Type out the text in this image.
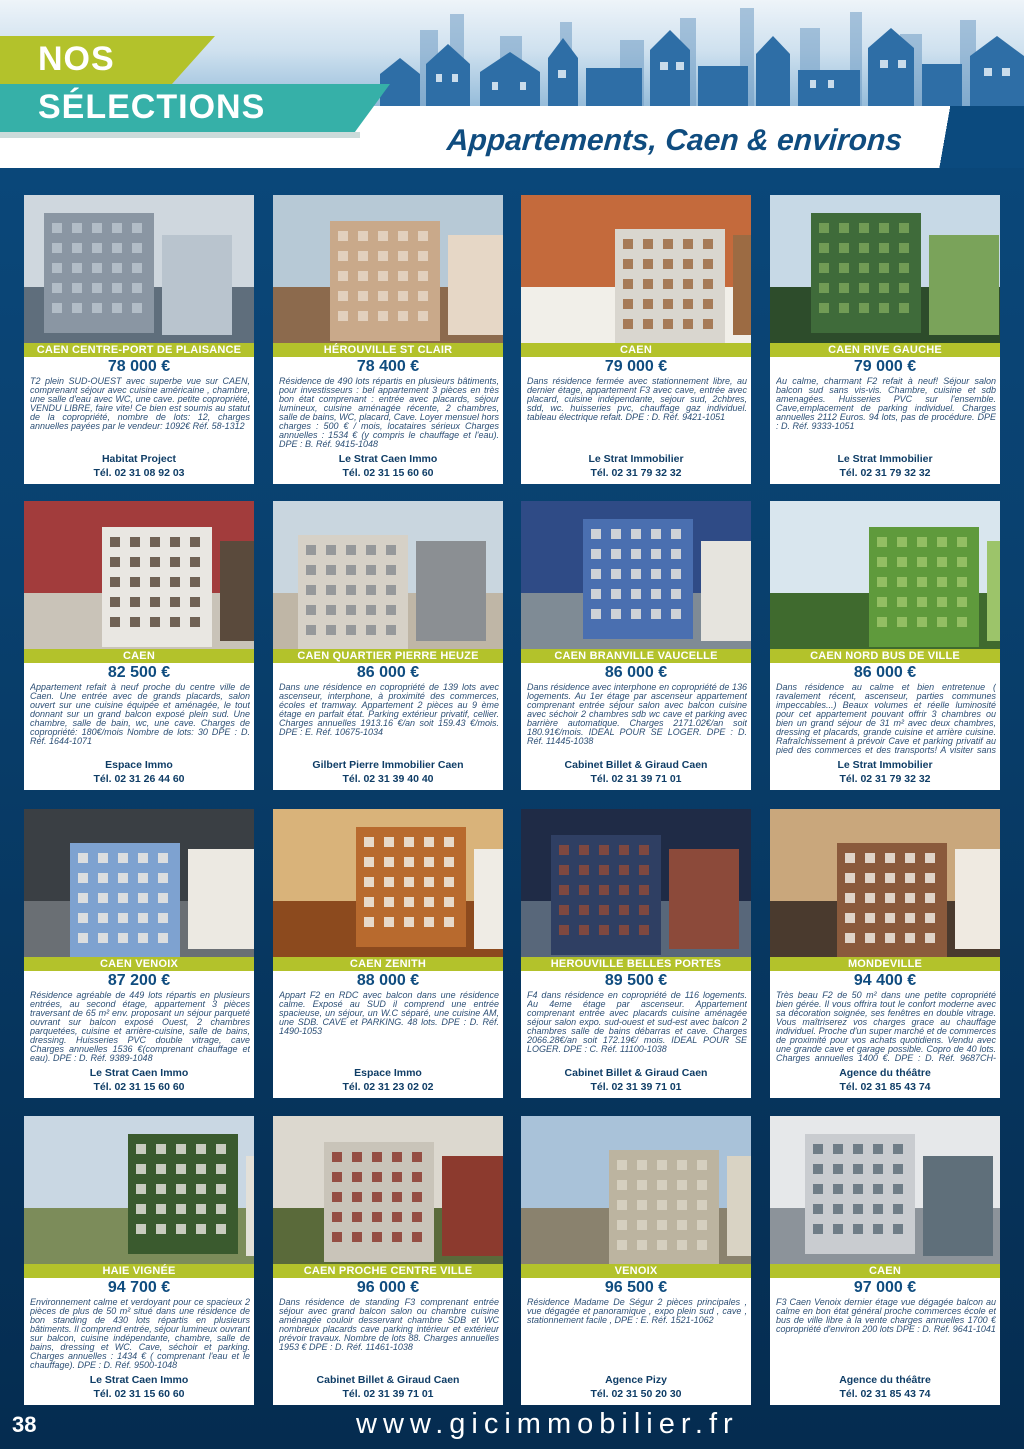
NOS
SÉLECTIONS
Appartements, Caen & environs
CAEN CENTRE-PORT DE PLAISANCE
78 000 €
T2 plein SUD-OUEST avec superbe vue sur CAEN, comprenant séjour avec cuisine américaine , chambre, une salle d'eau avec WC, une cave. petite copropriété, VENDU LIBRE, faire vite! Ce bien est soumis au statut de la copropriété, nombre de lots: 12, charges annuelles payées par le vendeur: 1092€ Réf. 58-1312
Habitat Project
Tél. 02 31 08 92 03
HÉROUVILLE ST CLAIR
78 400 €
Résidence de 490 lots répartis en plusieurs bâtiments, pour investisseurs : bel appartement 3 pièces en très bon état comprenant : entrée avec placards, séjour lumineux, cuisine aménagée récente, 2 chambres, salle de bains, WC, placard, Cave. Loyer mensuel hors charges : 500 € / mois, locataires sérieux Charges annuelles : 1534 € (y compris le chauffage et l'eau). DPE : B. Réf. 9415-1048
Le Strat Caen Immo
Tél. 02 31 15 60 60
CAEN
79 000 €
Dans résidence fermée avec stationnement libre, au dernier étage, appartement F3 avec cave, entrée avec placard, cuisine indépendante, sejour sud, 2chbres, sdd, wc. huisseries pvc, chauffage gaz individuel. tableau électrique refait. DPE : D. Réf. 9421-1051
Le Strat Immobilier
Tél. 02 31 79 32 32
CAEN RIVE GAUCHE
79 000 €
Au calme, charmant F2 refait à neuf! Séjour salon balcon sud sans vis-vis. Chambre, cuisine et sdb amenagées. Huisseries PVC sur l'ensemble. Cave,emplacement de parking individuel. Charges annuelles 2112 Euros. 94 lots, pas de procédure. DPE : D. Réf. 9333-1051
Le Strat Immobilier
Tél. 02 31 79 32 32
CAEN
82 500 €
Appartement refait à neuf proche du centre ville de Caen. Une entrée avec de grands placards, salon ouvert sur une cuisine équipée et aménagée, le tout donnant sur un grand balcon exposé plein sud. Une chambre, salle de bain, wc, une cave. Charges de copropriété: 180€/mois Nombre de lots: 30 DPE : D. Réf. 1644-1071
Espace Immo
Tél. 02 31 26 44 60
CAEN QUARTIER PIERRE HEUZE
86 000 €
Dans une résidence en copropriété de 139 lots avec ascenseur, interphone, à proximité des commerces, écoles et tramway. Appartement 2 pièces au 9 ème étage en parfait état. Parking extérieur privatif, cellier. Charges annuelles 1913.16 €/an soit 159.43 €/mois. DPE : E. Réf. 10675-1034
Gilbert Pierre Immobilier Caen
Tél. 02 31 39 40 40
CAEN BRANVILLE VAUCELLE
86 000 €
Dans résidence avec interphone en copropriété de 136 logements. Au 1er étage par ascenseur appartement comprenant entrée séjour salon avec balcon cuisine avec séchoir 2 chambres sdb wc cave et parking avec barrière automatique. Charges 2171.02€/an soit 180.91€/mois. IDEAL POUR SE LOGER. DPE : D. Réf. 11445-1038
Cabinet Billet & Giraud Caen
Tél. 02 31 39 71 01
CAEN NORD BUS DE VILLE
86 000 €
Dans résidence au calme et bien entretenue ( ravalement récent, ascenseur, parties communes impeccables...) Beaux volumes et réelle luminosité pour cet appartement pouvant offrir 3 chambres ou bien un grand séjour de 31 m² avec deux chambres, dressing et placards, grande cuisine et arrière cuisine. Rafraîchissement à prévoir Cave et parking privatif au pied des commerces et des transports! A visiter sans
Le Strat Immobilier
Tél. 02 31 79 32 32
CAEN VENOIX
87 200 €
Résidence agréable de 449 lots répartis en plusieurs entrées, au second étage, appartement 3 pièces traversant de 65 m² env. proposant un séjour parqueté ouvrant sur balcon exposé Ouest, 2 chambres parquetées, cuisine et arrière-cuisine, salle de bains, dressing. Huisseries PVC double vitrage, cave Charges annuelles 1536 €(comprenant chauffage et eau). DPE : D. Réf. 9389-1048
Le Strat Caen Immo
Tél. 02 31 15 60 60
CAEN ZENITH
88 000 €
Appart F2 en RDC avec balcon dans une résidence calme. Exposé au SUD il comprend une entrée spacieuse, un séjour, un W.C séparé, une cuisine AM, une SDB. CAVE et PARKING. 48 lots. DPE : D. Réf. 1490-1053
Espace Immo
Tél. 02 31 23 02 02
HEROUVILLE BELLES PORTES
89 500 €
F4 dans résidence en copropriété de 116 logements. Au 4eme étage par ascenseur. Appartement comprenant entrée avec placards cuisine aménagée séjour salon expo. sud-ouest et sud-est avec balcon 2 chambres salle de bains débarras et cave. Charges 2066.28€/an soit 172.19€/ mois. IDEAL POUR SE LOGER. DPE : C. Réf. 11100-1038
Cabinet Billet & Giraud Caen
Tél. 02 31 39 71 01
MONDEVILLE
94 400 €
Très beau F2 de 50 m² dans une petite copropriété bien gérée. Il vous offrira tout le confort moderne avec sa décoration soignée, ses fenêtres en double vitrage. Vous maîtriserez vos charges grace au chauffage individuel. Proche d'un super marché et de commerces de proximité pour vos achats quotidiens. Vendu avec une grande cave et garage possible. Copro de 40 lots. Charges annuelles 1400 €. DPE : D. Réf. 9687CH-
Agence du théâtre
Tél. 02 31 85 43 74
HAIE VIGNÉE
94 700 €
Environnement calme et verdoyant pour ce spacieux 2 pièces de plus de 50 m² situé dans une résidence de bon standing de 430 lots répartis en plusieurs bâtiments. Il comprend entrée, séjour lumineux ouvrant sur balcon, cuisine indépendante, chambre, salle de bains, dressing et WC. Cave, séchoir et parking. Charges annuelles : 1434 € ( comprenant l'eau et le chauffage). DPE : D. Réf. 9500-1048
Le Strat Caen Immo
Tél. 02 31 15 60 60
CAEN PROCHE CENTRE VILLE
96 000 €
Dans résidence de standing F3 comprenant entrée séjour avec grand balcon salon ou chambre cuisine aménagée couloir desservant chambre SDB et WC nombreux placards cave parking intérieur et extérieur prévoir travaux. Nombre de lots 88. Charges annuelles 1953 € DPE : D. Réf. 11461-1038
Cabinet Billet & Giraud Caen
Tél. 02 31 39 71 01
VENOIX
96 500 €
Résidence Madame De Ségur 2 pièces principales , vue dégagée et panoramique , expo plein sud , cave , stationnement facile , DPE : E. Réf. 1521-1062
Agence Pizy
Tél. 02 31 50 20 30
CAEN
97 000 €
F3 Caen Venoix dernier étage vue dégagée balcon au calme en bon état général proche commerces école et bus de ville libre à la vente charges annuelles 1700 € copropriété d'environ 200 lots DPE : D. Réf. 9641-1041
Agence du théâtre
Tél. 02 31 85 43 74
38	www.gicimmobilier.fr
